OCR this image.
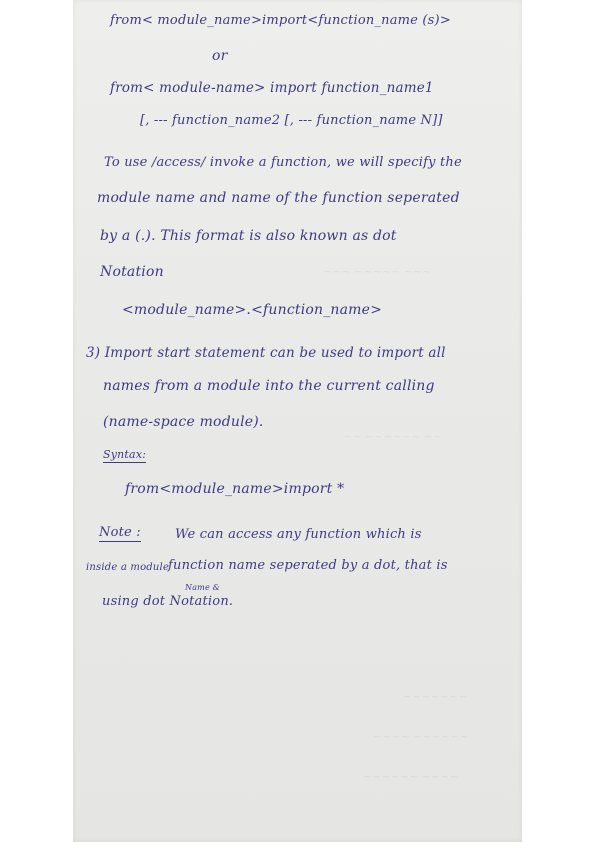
~~~ ~~~~~ ~~~
~~ ~~~~~~ ~~
~~~~~~~
~~~~ ~~~~~~
~~~~~~ ~~~~
from< module_name>import<function_name (s)>
or
from< module-name> import function_name1
[, --- function_name2 [, --- function_name N]]
To use /access/ invoke a function, we will specify the
module name and name of the function seperated
by a (.). This format is also known as dot
Notation
<module_name>.<function_name>
3) Import start statement can be used to import all
names from a module into the current calling
(name-space module).
Syntax:
from<module_name>import *
Note :	We can access any function which is
inside a module
function name seperated by a dot, that is
Name &
using dot Notation.
